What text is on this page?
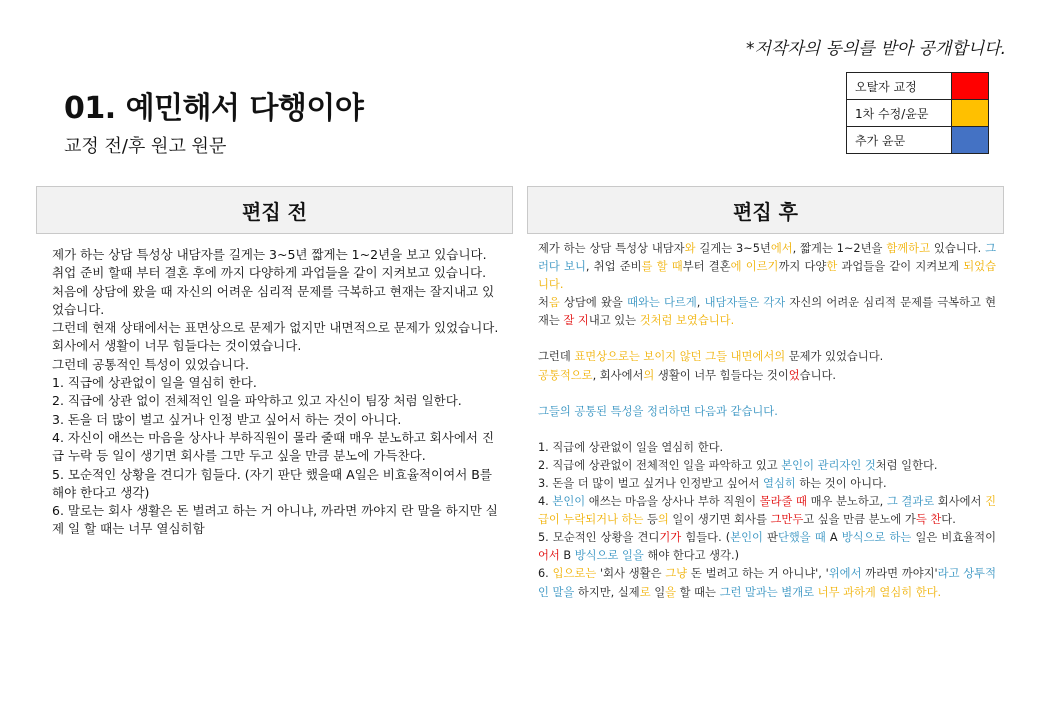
*저작자의 동의를 받아 공개합니다.
01. 예민해서 다행이야
교정 전/후 원고 원문
오탈자 교정	
1차 수정/윤문	
추가 윤문	
편집 전	편집 후

제가 하는 상담 특성상 내담자를 길게는 3~5년 짧게는 1~2년을 보고 있습니다.

취업 준비 할때 부터 결혼 후에 까지 다양하게 과업들을 같이 지켜보고 있습니다.

처음에 상담에 왔을 때 자신의 어려운 심리적 문제를 극복하고 현재는 잘지내고 있었습니다.

그런데 현재 상태에서는 표면상으로 문제가 없지만 내면적으로 문제가 있었습니다.

회사에서 생활이 너무 힘들다는 것이였습니다.

그런데 공통적인 특성이 있었습니다.

1. 직급에 상관없이 일을 열심히 한다.

2. 직급에 상관 없이 전체적인 일을 파악하고 있고 자신이 팀장 처럼 일한다.

3. 돈을 더 많이 벌고 싶거나 인정 받고 싶어서 하는 것이 아니다.

4. 자신이 애쓰는 마음을 상사나 부하직원이 몰라 줄때 매우 분노하고 회사에서 진급 누락 등 일이 생기면 회사를 그만 두고 싶을 만큼 분노에 가득찬다.

5. 모순적인 상황을 견디가 힘들다. (자기 판단 했을때 A일은 비효율적이여서 B를 해야 한다고 생각)

6. 말로는 회사 생활은 돈 벌려고 하는 거 아니냐, 까라면 까야지 란 말을 하지만 실제 일 할 때는 너무 열심히함

제가 하는 상담 특성상 내담자와 길게는 3~5년에서, 짧게는 1~2년을 함께하고 있습니다. 그러다 보니, 취업 준비를 할 때부터 결혼에 이르기까지 다양한 과업들을 같이 지켜보게 되었습니다.

처음 상담에 왔을 때와는 다르게, 내담자들은 각자 자신의 어려운 심리적 문제를 극복하고 현재는 잘 지내고 있는 것처럼 보였습니다.

그런데 표면상으로는 보이지 않던 그들 내면에서의 문제가 있었습니다.

공통적으로, 회사에서의 생활이 너무 힘들다는 것이었습니다.

그들의 공통된 특성을 정리하면 다음과 같습니다.

1. 직급에 상관없이 일을 열심히 한다.

2. 직급에 상관없이 전체적인 일을 파악하고 있고 본인이 관리자인 것처럼 일한다.

3. 돈을 더 많이 벌고 싶거나 인정받고 싶어서 열심히 하는 것이 아니다.

4. 본인이 애쓰는 마음을 상사나 부하 직원이 몰라줄 때 매우 분노하고, 그 결과로 회사에서 진급이 누락되거나 하는 등의 일이 생기면 회사를 그만두고 싶을 만큼 분노에 가득 찬다.

5. 모순적인 상황을 견디기가 힘들다. (본인이 판단했을 때 A 방식으로 하는 일은 비효율적이어서 B 방식으로 일을 해야 한다고 생각.)

6. 입으로는 '회사 생활은 그냥 돈 벌려고 하는 거 아니냐', '위에서 까라면 까야지'라고 상투적인 말을 하지만, 실제로 일을 할 때는 그런 말과는 별개로 너무 과하게 열심히 한다.
